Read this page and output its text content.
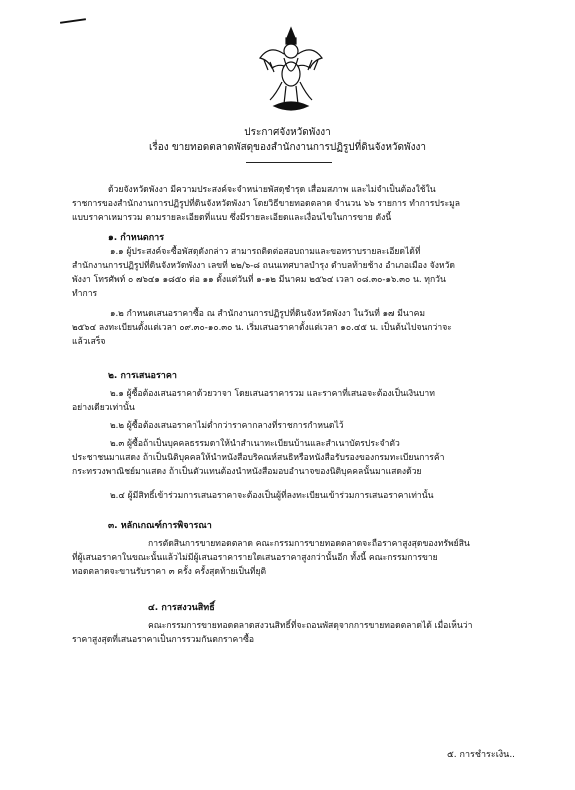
ประกาศจังหวัดพังงา
เรื่อง ขายทอดตลาดพัสดุของสำนักงานการปฏิรูปที่ดินจังหวัดพังงา
ด้วยจังหวัดพังงา มีความประสงค์จะจำหน่ายพัสดุชำรุด เสื่อมสภาพ และไม่จำเป็นต้องใช้ใน
ราชการของสำนักงานการปฏิรูปที่ดินจังหวัดพังงา โดยวิธีขายทอดตลาด จำนวน ๖๖ รายการ ทำการประมูล
แบบราคาเหมารวม ตามรายละเอียดที่แนบ ซึ่งมีรายละเอียดและเงื่อนไขในการขาย ดังนี้
๑. กำหนดการ
๑.๑ ผู้ประสงค์จะซื้อพัสดุดังกล่าว สามารถติดต่อสอบถามและขอทราบรายละเอียดได้ที่
สำนักงานการปฏิรูปที่ดินจังหวัดพังงา เลขที่ ๒๒/๖-๘ ถนนเทศบาลบำรุง ตำบลท้ายช้าง อำเภอเมือง จังหวัด
พังงา โทรศัพท์ ๐ ๗๖๔๑ ๑๘๕๐ ต่อ ๑๑ ตั้งแต่วันที่ ๑-๑๒ มีนาคม ๒๕๖๔ เวลา ๐๘.๓๐-๑๖.๓๐ น. ทุกวัน
ทำการ
๑.๒ กำหนดเสนอราคาซื้อ ณ สำนักงานการปฏิรูปที่ดินจังหวัดพังงา ในวันที่ ๑๗ มีนาคม
๒๕๖๔ ลงทะเบียนตั้งแต่เวลา ๐๙.๓๐-๑๐.๓๐ น. เริ่มเสนอราคาตั้งแต่เวลา ๑๐.๔๕ น. เป็นต้นไปจนกว่าจะ
แล้วเสร็จ
๒. การเสนอราคา
๒.๑ ผู้ซื้อต้องเสนอราคาด้วยวาจา โดยเสนอราคารวม และราคาที่เสนอจะต้องเป็นเงินบาท
อย่างเดียวเท่านั้น
๒.๒ ผู้ซื้อต้องเสนอราคาไม่ต่ำกว่าราคากลางที่ราชการกำหนดไว้
๒.๓ ผู้ซื้อถ้าเป็นบุคคลธรรมดาให้นำสำเนาทะเบียนบ้านและสำเนาบัตรประจำตัว
ประชาชนมาแสดง ถ้าเป็นนิติบุคคลให้นำหนังสือบริคณห์สนธิหรือหนังสือรับรองของกรมทะเบียนการค้า
กระทรวงพาณิชย์มาแสดง ถ้าเป็นตัวแทนต้องนำหนังสือมอบอำนาจของนิติบุคคลนั้นมาแสดงด้วย
๒.๔ ผู้มีสิทธิ์เข้าร่วมการเสนอราคาจะต้องเป็นผู้ที่ลงทะเบียนเข้าร่วมการเสนอราคาเท่านั้น
๓. หลักเกณฑ์การพิจารณา
การตัดสินการขายทอดตลาด คณะกรรมการขายทอดตลาดจะถือราคาสูงสุดของทรัพย์สิน
ที่ผู้เสนอราคาในขณะนั้นแล้วไม่มีผู้เสนอราคารายใดเสนอราคาสูงกว่านั้นอีก ทั้งนี้ คณะกรรมการขาย
ทอดตลาดจะขานรับราคา ๓ ครั้ง ครั้งสุดท้ายเป็นที่ยุติ
๔. การสงวนสิทธิ์
คณะกรรมการขายทอดตลาดสงวนสิทธิ์ที่จะถอนพัสดุจากการขายทอดตลาดได้ เมื่อเห็นว่า
ราคาสูงสุดที่เสนอราคาเป็นการรวมกันตกราคาซื้อ
๕. การชำระเงิน..
